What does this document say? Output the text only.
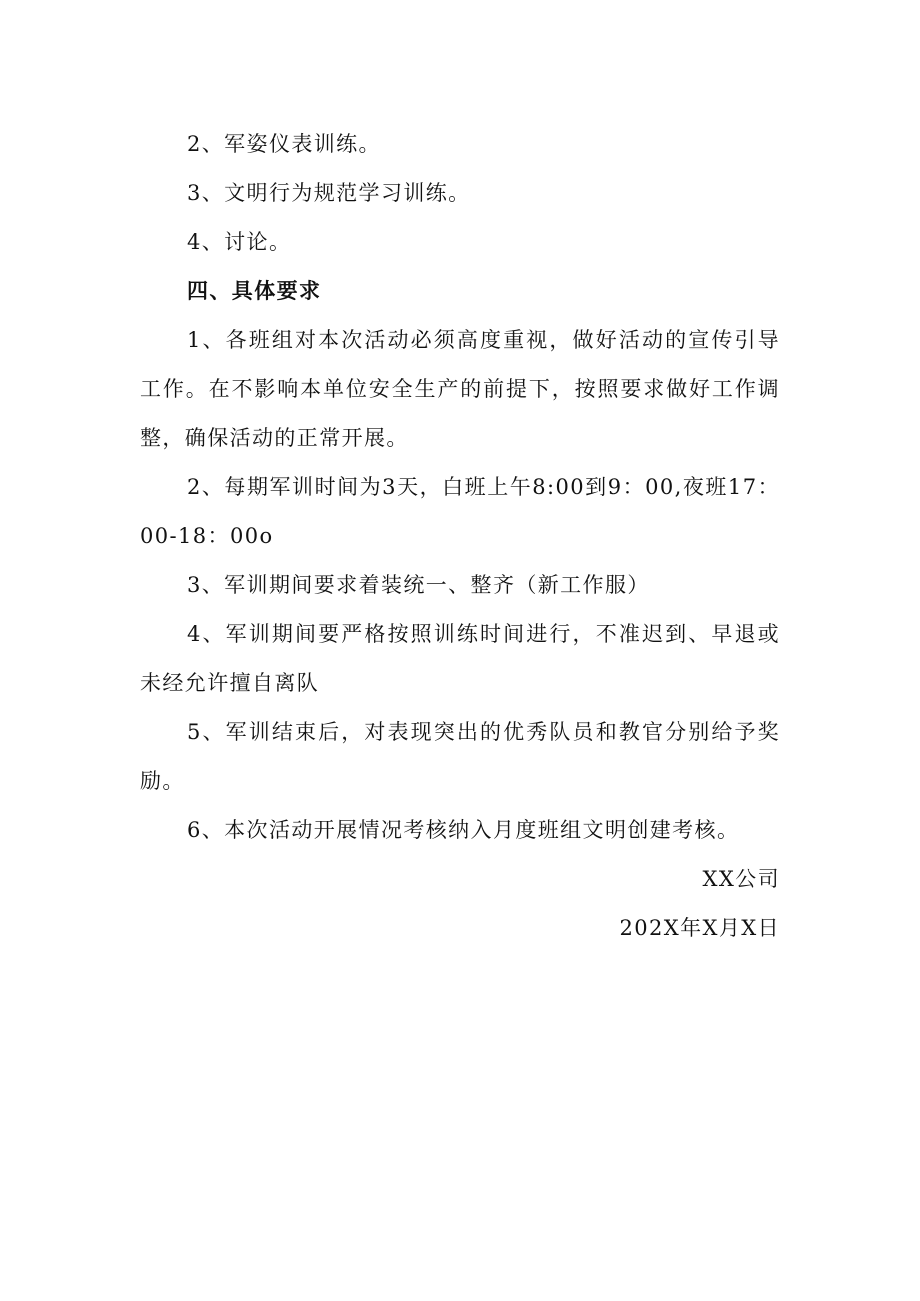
2、军姿仪表训练。

3、文明行为规范学习训练。

4、讨论。

四、具体要求

1、各班组对本次活动必须高度重视，做好活动的宣传引导工作。在不影响本单位安全生产的前提下，按照要求做好工作调整，确保活动的正常开展。

2、每期军训时间为3天，白班上午8:00到9：00,夜班17：00-18：00o

3、军训期间要求着装统一、整齐（新工作服）

4、军训期间要严格按照训练时间进行，不准迟到、早退或未经允许擅自离队

5、军训结束后，对表现突出的优秀队员和教官分别给予奖励。

6、本次活动开展情况考核纳入月度班组文明创建考核。

XX公司

202X年X月X日
